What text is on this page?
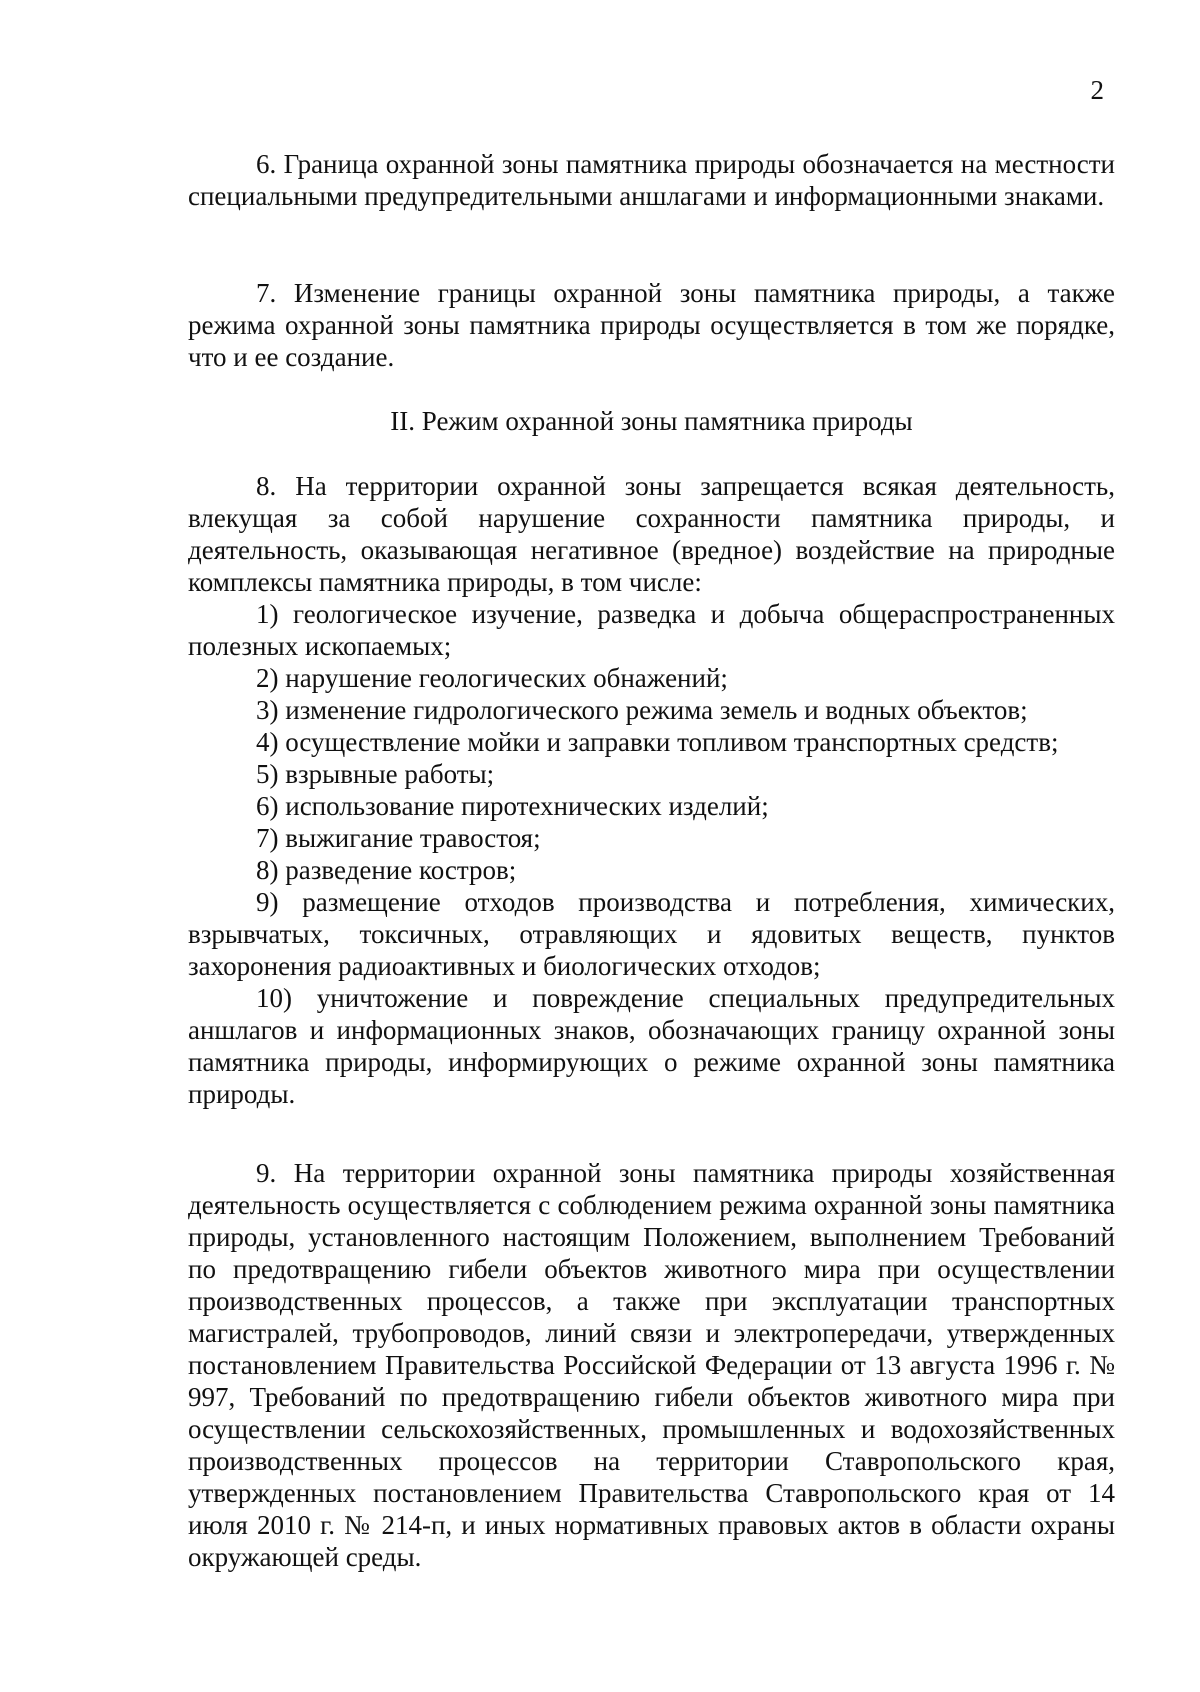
2

6. Граница охранной зоны памятника природы обозначается на местности специальными предупредительными аншлагами и информационными знаками.

7. Изменение границы охранной зоны памятника природы, а также режима охранной зоны памятника природы осуществляется в том же порядке, что и ее создание.

II. Режим охранной зоны памятника природы

8. На территории охранной зоны запрещается всякая деятельность, влекущая за собой нарушение сохранности памятника природы, и деятельность, оказывающая негативное (вредное) воздействие на природные комплексы памятника природы, в том числе:

1) геологическое изучение, разведка и добыча общераспространенных полезных ископаемых;

2) нарушение геологических обнажений;

3) изменение гидрологического режима земель и водных объектов;

4) осуществление мойки и заправки топливом транспортных средств;

5) взрывные работы;

6) использование пиротехнических изделий;

7) выжигание травостоя;

8) разведение костров;

9) размещение отходов производства и потребления, химических, взрывчатых, токсичных, отравляющих и ядовитых веществ, пунктов захоронения радиоактивных и биологических отходов;

10) уничтожение и повреждение специальных предупредительных аншлагов и информационных знаков, обозначающих границу охранной зоны памятника природы, информирующих о режиме охранной зоны памятника природы.

9. На территории охранной зоны памятника природы хозяйственная деятельность осуществляется с соблюдением режима охранной зоны памятника природы, установленного настоящим Положением, выполнением Требований по предотвращению гибели объектов животного мира при осуществлении производственных процессов, а также при эксплуатации транспортных магистралей, трубопроводов, линий связи и электропередачи, утвержденных постановлением Правительства Российской Федерации от 13 августа 1996 г. № 997, Требований по предотвращению гибели объектов животного мира при осуществлении сельскохозяйственных, промышленных и водохозяйственных производственных процессов на территории Ставропольского края, утвержденных постановлением Правительства Ставропольского края от 14 июля 2010 г. № 214-п, и иных нормативных правовых актов в области охраны окружающей среды.
